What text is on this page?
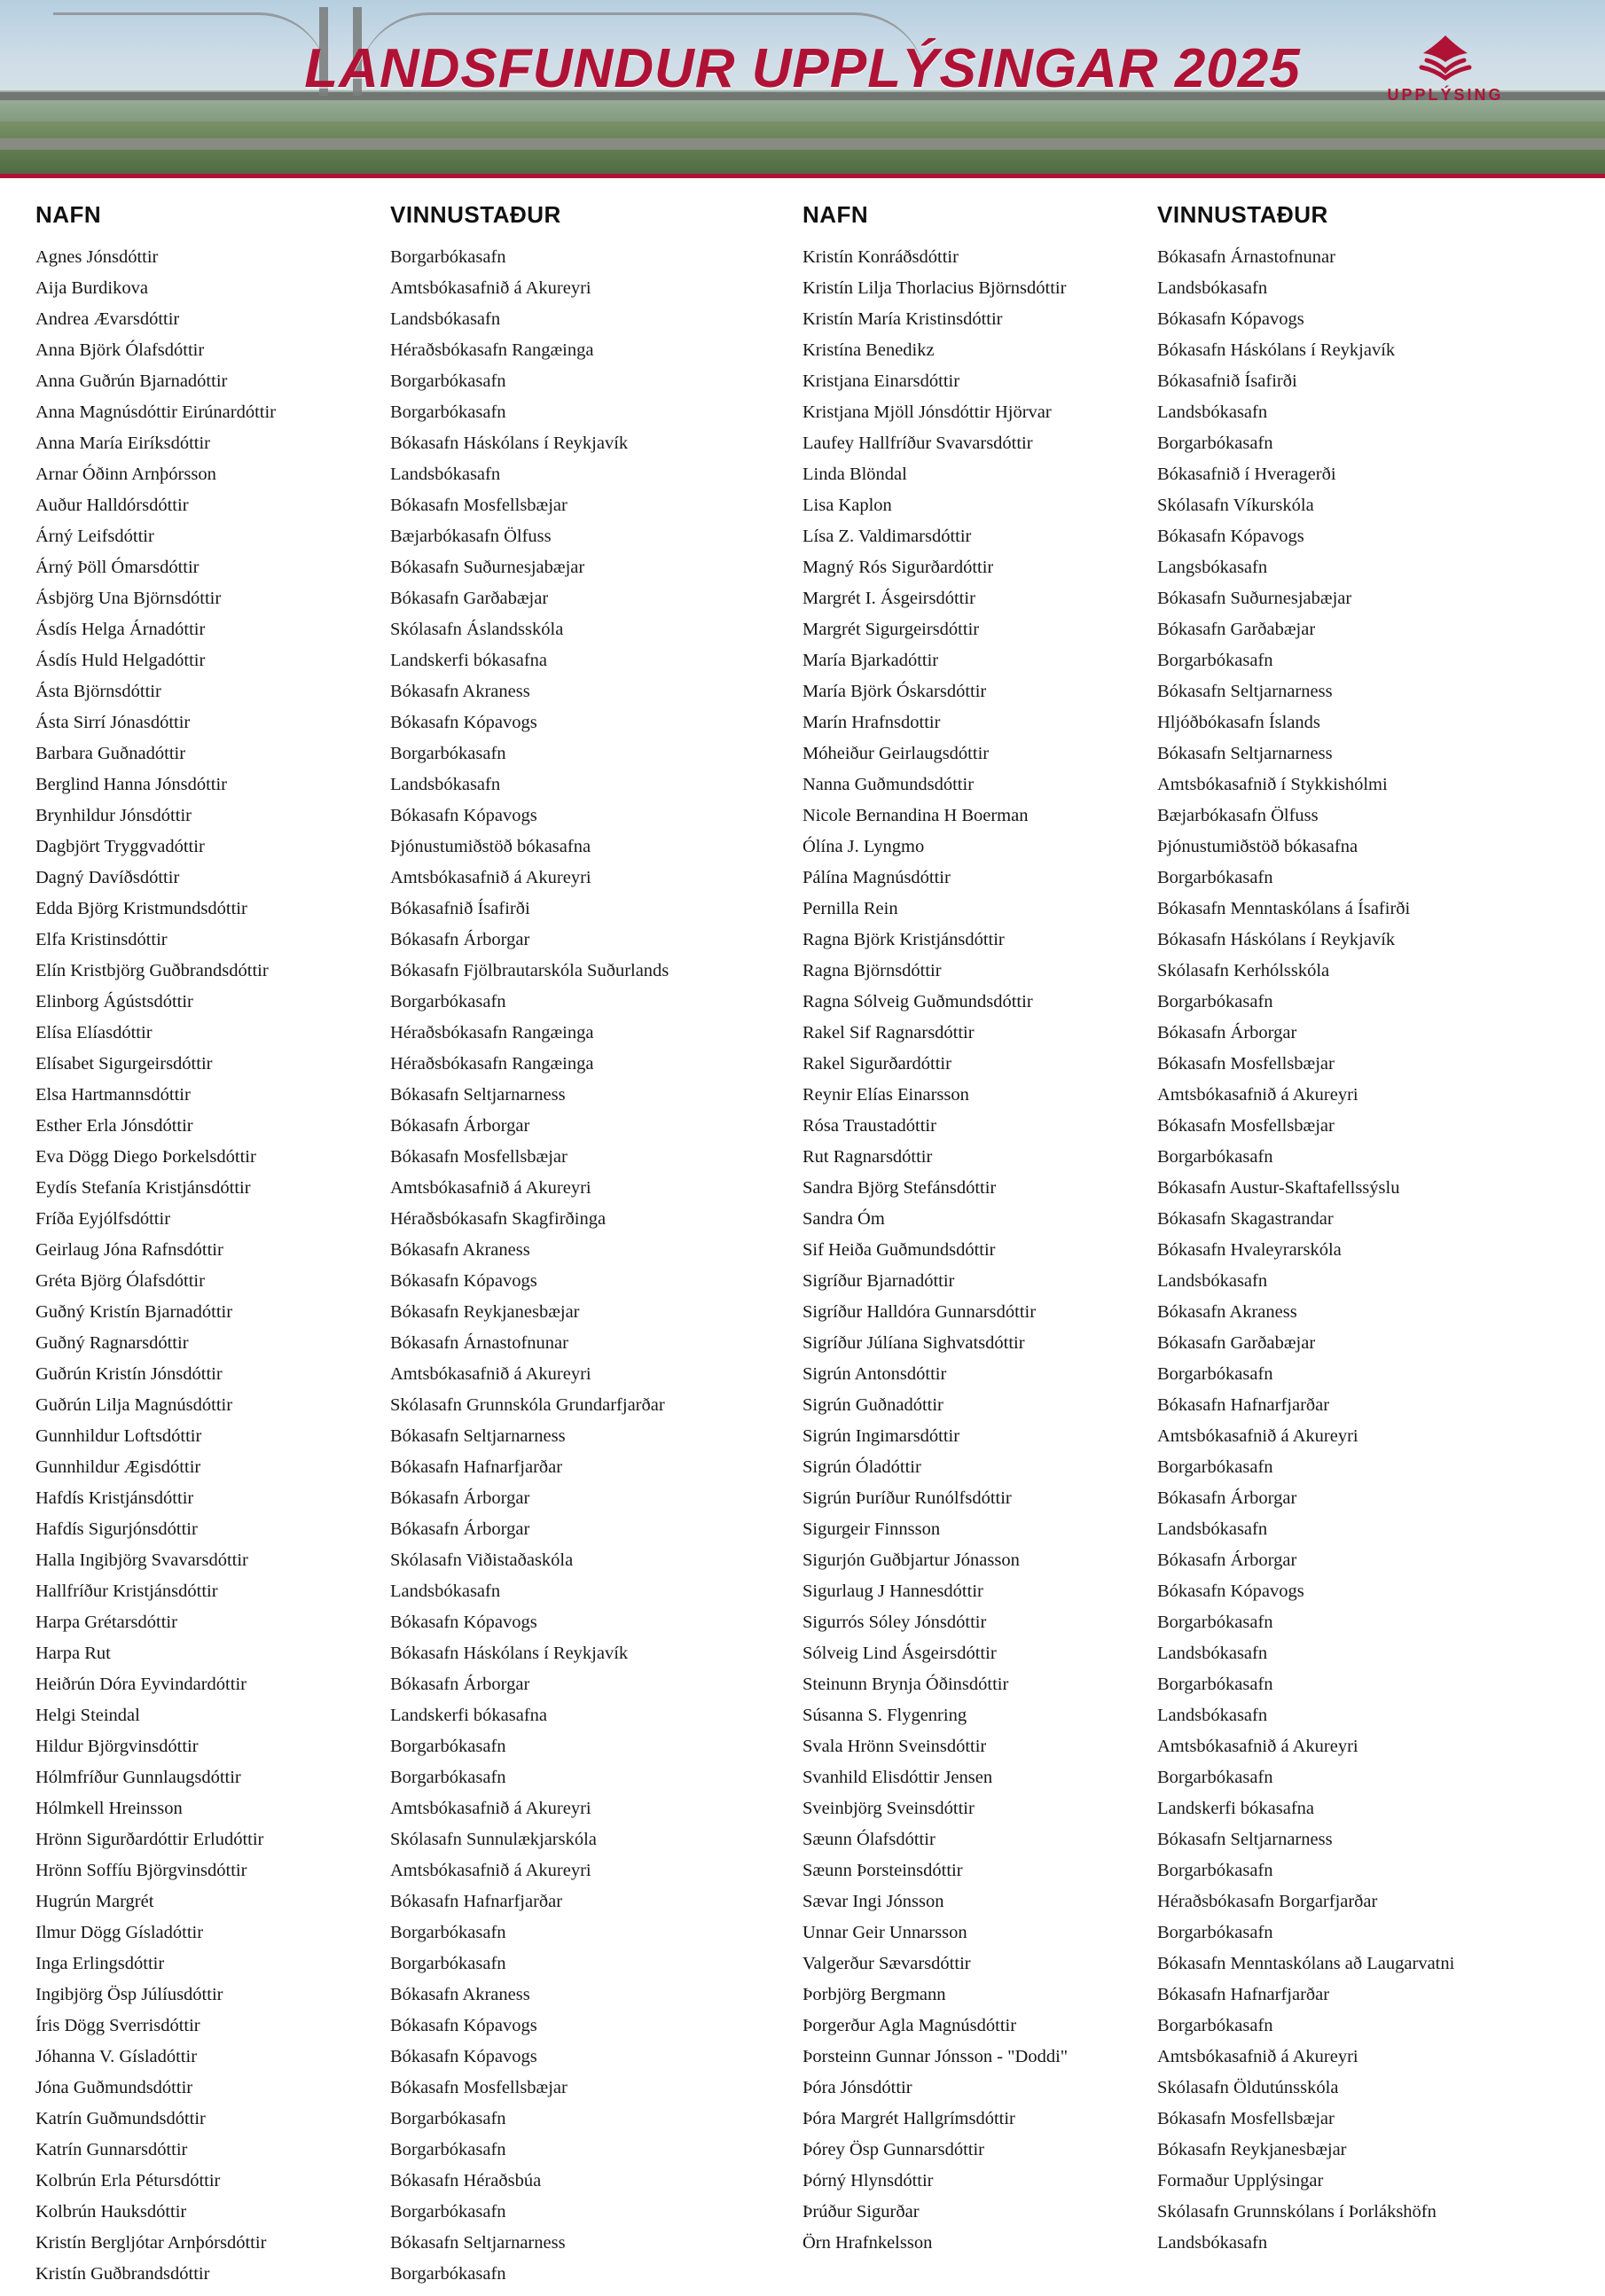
LANDSFUNDUR UPPLÝSINGAR 2025	UPPLÝSING
NAFN	VINNUSTAÐUR	NAFN	VINNUSTAÐUR
Agnes Jónsdóttir	Borgarbókasafn	Kristín Konráðsdóttir	Bókasafn Árnastofnunar
Aija Burdikova	Amtsbókasafnið á Akureyri	Kristín Lilja Thorlacius Björnsdóttir	Landsbókasafn
Andrea Ævarsdóttir	Landsbókasafn	Kristín María Kristinsdóttir	Bókasafn Kópavogs
Anna Björk Ólafsdóttir	Héraðsbókasafn Rangæinga	Kristína Benedikz	Bókasafn Háskólans í Reykjavík
Anna Guðrún Bjarnadóttir	Borgarbókasafn	Kristjana Einarsdóttir	Bókasafnið Ísafirði
Anna Magnúsdóttir Eirúnardóttir	Borgarbókasafn	Kristjana Mjöll Jónsdóttir Hjörvar	Landsbókasafn
Anna María Eiríksdóttir	Bókasafn Háskólans í Reykjavík	Laufey Hallfríður Svavarsdóttir	Borgarbókasafn
Arnar Óðinn Arnþórsson	Landsbókasafn	Linda Blöndal	Bókasafnið í Hveragerði
Auður Halldórsdóttir	Bókasafn Mosfellsbæjar	Lisa Kaplon	Skólasafn Víkurskóla
Árný Leifsdóttir	Bæjarbókasafn Ölfuss	Lísa Z. Valdimarsdóttir	Bókasafn Kópavogs
Árný Þöll Ómarsdóttir	Bókasafn Suðurnesjabæjar	Magný Rós Sigurðardóttir	Langsbókasafn
Ásbjörg Una Björnsdóttir	Bókasafn Garðabæjar	Margrét I. Ásgeirsdóttir	Bókasafn Suðurnesjabæjar
Ásdís Helga Árnadóttir	Skólasafn Áslandsskóla	Margrét Sigurgeirsdóttir	Bókasafn Garðabæjar
Ásdís Huld Helgadóttir	Landskerfi bókasafna	María Bjarkadóttir	Borgarbókasafn
Ásta Björnsdóttir	Bókasafn Akraness	María Björk Óskarsdóttir	Bókasafn Seltjarnarness
Ásta Sirrí Jónasdóttir	Bókasafn Kópavogs	Marín Hrafnsdottir	Hljóðbókasafn Íslands
Barbara Guðnadóttir	Borgarbókasafn	Móheiður Geirlaugsdóttir	Bókasafn Seltjarnarness
Berglind Hanna Jónsdóttir	Landsbókasafn	Nanna Guðmundsdóttir	Amtsbókasafnið í Stykkishólmi
Brynhildur Jónsdóttir	Bókasafn Kópavogs	Nicole Bernandina H Boerman	Bæjarbókasafn Ölfuss
Dagbjört Tryggvadóttir	Þjónustumiðstöð bókasafna	Ólína J. Lyngmo	Þjónustumiðstöð bókasafna
Dagný Davíðsdóttir	Amtsbókasafnið á Akureyri	Pálína Magnúsdóttir	Borgarbókasafn
Edda Björg Kristmundsdóttir	Bókasafnið Ísafirði	Pernilla Rein	Bókasafn Menntaskólans á Ísafirði
Elfa Kristinsdóttir	Bókasafn Árborgar	Ragna Björk Kristjánsdóttir	Bókasafn Háskólans í Reykjavík
Elín Kristbjörg Guðbrandsdóttir	Bókasafn Fjölbrautarskóla Suðurlands	Ragna Björnsdóttir	Skólasafn Kerhólsskóla
Elinborg Ágústsdóttir	Borgarbókasafn	Ragna Sólveig Guðmundsdóttir	Borgarbókasafn
Elísa Elíasdóttir	Héraðsbókasafn Rangæinga	Rakel Sif Ragnarsdóttir	Bókasafn Árborgar
Elísabet Sigurgeirsdóttir	Héraðsbókasafn Rangæinga	Rakel Sigurðardóttir	Bókasafn Mosfellsbæjar
Elsa Hartmannsdóttir	Bókasafn Seltjarnarness	Reynir Elías Einarsson	Amtsbókasafnið á Akureyri
Esther Erla Jónsdóttir	Bókasafn Árborgar	Rósa Traustadóttir	Bókasafn Mosfellsbæjar
Eva Dögg Diego Þorkelsdóttir	Bókasafn Mosfellsbæjar	Rut Ragnarsdóttir	Borgarbókasafn
Eydís Stefanía Kristjánsdóttir	Amtsbókasafnið á Akureyri	Sandra Björg Stefánsdóttir	Bókasafn Austur-Skaftafellssýslu
Fríða Eyjólfsdóttir	Héraðsbókasafn Skagfirðinga	Sandra Óm	Bókasafn Skagastrandar
Geirlaug Jóna Rafnsdóttir	Bókasafn Akraness	Sif Heiða Guðmundsdóttir	Bókasafn Hvaleyrarskóla
Gréta Björg Ólafsdóttir	Bókasafn Kópavogs	Sigríður Bjarnadóttir	Landsbókasafn
Guðný Kristín Bjarnadóttir	Bókasafn Reykjanesbæjar	Sigríður Halldóra Gunnarsdóttir	Bókasafn Akraness
Guðný Ragnarsdóttir	Bókasafn Árnastofnunar	Sigríður Júlíana Sighvatsdóttir	Bókasafn Garðabæjar
Guðrún Kristín Jónsdóttir	Amtsbókasafnið á Akureyri	Sigrún Antonsdóttir	Borgarbókasafn
Guðrún Lilja Magnúsdóttir	Skólasafn Grunnskóla Grundarfjarðar	Sigrún Guðnadóttir	Bókasafn Hafnarfjarðar
Gunnhildur Loftsdóttir	Bókasafn Seltjarnarness	Sigrún Ingimarsdóttir	Amtsbókasafnið á Akureyri
Gunnhildur Ægisdóttir	Bókasafn Hafnarfjarðar	Sigrún Óladóttir	Borgarbókasafn
Hafdís Kristjánsdóttir	Bókasafn Árborgar	Sigrún Þuríður Runólfsdóttir	Bókasafn Árborgar
Hafdís Sigurjónsdóttir	Bókasafn Árborgar	Sigurgeir Finnsson	Landsbókasafn
Halla Ingibjörg Svavarsdóttir	Skólasafn Viðistaðaskóla	Sigurjón Guðbjartur Jónasson	Bókasafn Árborgar
Hallfríður Kristjánsdóttir	Landsbókasafn	Sigurlaug J Hannesdóttir	Bókasafn Kópavogs
Harpa Grétarsdóttir	Bókasafn Kópavogs	Sigurrós Sóley Jónsdóttir	Borgarbókasafn
Harpa Rut	Bókasafn Háskólans í Reykjavík	Sólveig Lind Ásgeirsdóttir	Landsbókasafn
Heiðrún Dóra Eyvindardóttir	Bókasafn Árborgar	Steinunn Brynja Óðinsdóttir	Borgarbókasafn
Helgi Steindal	Landskerfi bókasafna	Súsanna S. Flygenring	Landsbókasafn
Hildur Björgvinsdóttir	Borgarbókasafn	Svala Hrönn Sveinsdóttir	Amtsbókasafnið á Akureyri
Hólmfríður Gunnlaugsdóttir	Borgarbókasafn	Svanhild Elisdóttir Jensen	Borgarbókasafn
Hólmkell Hreinsson	Amtsbókasafnið á Akureyri	Sveinbjörg Sveinsdóttir	Landskerfi bókasafna
Hrönn Sigurðardóttir Erludóttir	Skólasafn Sunnulækjarskóla	Sæunn Ólafsdóttir	Bókasafn Seltjarnarness
Hrönn Soffíu Björgvinsdóttir	Amtsbókasafnið á Akureyri	Sæunn Þorsteinsdóttir	Borgarbókasafn
Hugrún Margrét	Bókasafn Hafnarfjarðar	Sævar Ingi Jónsson	Héraðsbókasafn Borgarfjarðar
Ilmur Dögg Gísladóttir	Borgarbókasafn	Unnar Geir Unnarsson	Borgarbókasafn
Inga Erlingsdóttir	Borgarbókasafn	Valgerður Sævarsdóttir	Bókasafn Menntaskólans að Laugarvatni
Ingibjörg Ösp Júlíusdóttir	Bókasafn Akraness	Þorbjörg Bergmann	Bókasafn Hafnarfjarðar
Íris Dögg Sverrisdóttir	Bókasafn Kópavogs	Þorgerður Agla Magnúsdóttir	Borgarbókasafn
Jóhanna V. Gísladóttir	Bókasafn Kópavogs	Þorsteinn Gunnar Jónsson - "Doddi"	Amtsbókasafnið á Akureyri
Jóna Guðmundsdóttir	Bókasafn Mosfellsbæjar	Þóra Jónsdóttir	Skólasafn Öldutúnsskóla
Katrín Guðmundsdóttir	Borgarbókasafn	Þóra Margrét Hallgrímsdóttir	Bókasafn Mosfellsbæjar
Katrín Gunnarsdóttir	Borgarbókasafn	Þórey Ösp Gunnarsdóttir	Bókasafn Reykjanesbæjar
Kolbrún Erla Pétursdóttir	Bókasafn Héraðsbúa	Þórný Hlynsdóttir	Formaður Upplýsingar
Kolbrún Hauksdóttir	Borgarbókasafn	Þrúður Sigurðar	Skólasafn Grunnskólans í Þorlákshöfn
Kristín Bergljótar Arnþórsdóttir	Bókasafn Seltjarnarness	Örn Hrafnkelsson	Landsbókasafn
Kristín Guðbrandsdóttir	Borgarbókasafn		
